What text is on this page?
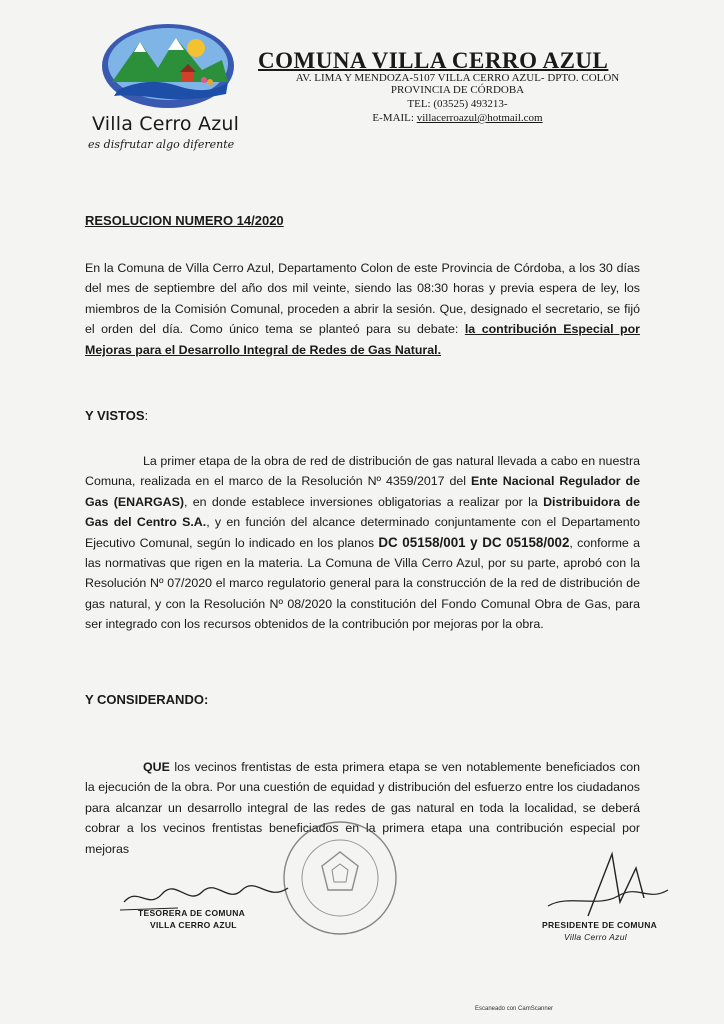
Villa Cerro Azul
es disfrutar algo diferente
COMUNA VILLA CERRO AZUL
AV. LIMA Y MENDOZA-5107 VILLA CERRO AZUL- DPTO. COLON
PROVINCIA DE CÓRDOBA
TEL: (03525) 493213-
E-MAIL: villacerroazul@hotmail.com
RESOLUCION NUMERO 14/2020
En la Comuna de Villa Cerro Azul, Departamento Colon de este Provincia de Córdoba, a los 30 días del mes de septiembre del año dos mil veinte, siendo las 08:30 horas y previa espera de ley, los miembros de la Comisión Comunal, proceden a abrir la sesión. Que, designado el secretario, se fijó el orden del día. Como único tema se planteó para su debate: la contribución Especial por Mejoras para el Desarrollo Integral de Redes de Gas Natural.
Y VISTOS:
La primer etapa de la obra de red de distribución de gas natural llevada a cabo en nuestra Comuna, realizada en el marco de la Resolución Nº 4359/2017 del Ente Nacional Regulador de Gas (ENARGAS), en donde establece inversiones obligatorias a realizar por la Distribuidora de Gas del Centro S.A., y en función del alcance determinado conjuntamente con el Departamento Ejecutivo Comunal, según lo indicado en los planos DC 05158/001 y DC 05158/002, conforme a las normativas que rigen en la materia. La Comuna de Villa Cerro Azul, por su parte, aprobó con la Resolución Nº 07/2020 el marco regulatorio general para la construcción de la red de distribución de gas natural, y con la Resolución Nº 08/2020 la constitución del Fondo Comunal Obra de Gas, para ser integrado con los recursos obtenidos de la contribución por mejoras por la obra.
Y CONSIDERANDO:
QUE los vecinos frentistas de esta primera etapa se ven notablemente beneficiados con la ejecución de la obra. Por una cuestión de equidad y distribución del esfuerzo entre los ciudadanos para alcanzar un desarrollo integral de las redes de gas natural en toda la localidad, se deberá cobrar a los vecinos frentistas beneficiados en la primera etapa una contribución especial por mejoras
TESORERA DE COMUNA
VILLA CERRO AZUL	PRESIDENTE DE COMUNA
Villa Cerro Azul
Escaneado con CamScanner
